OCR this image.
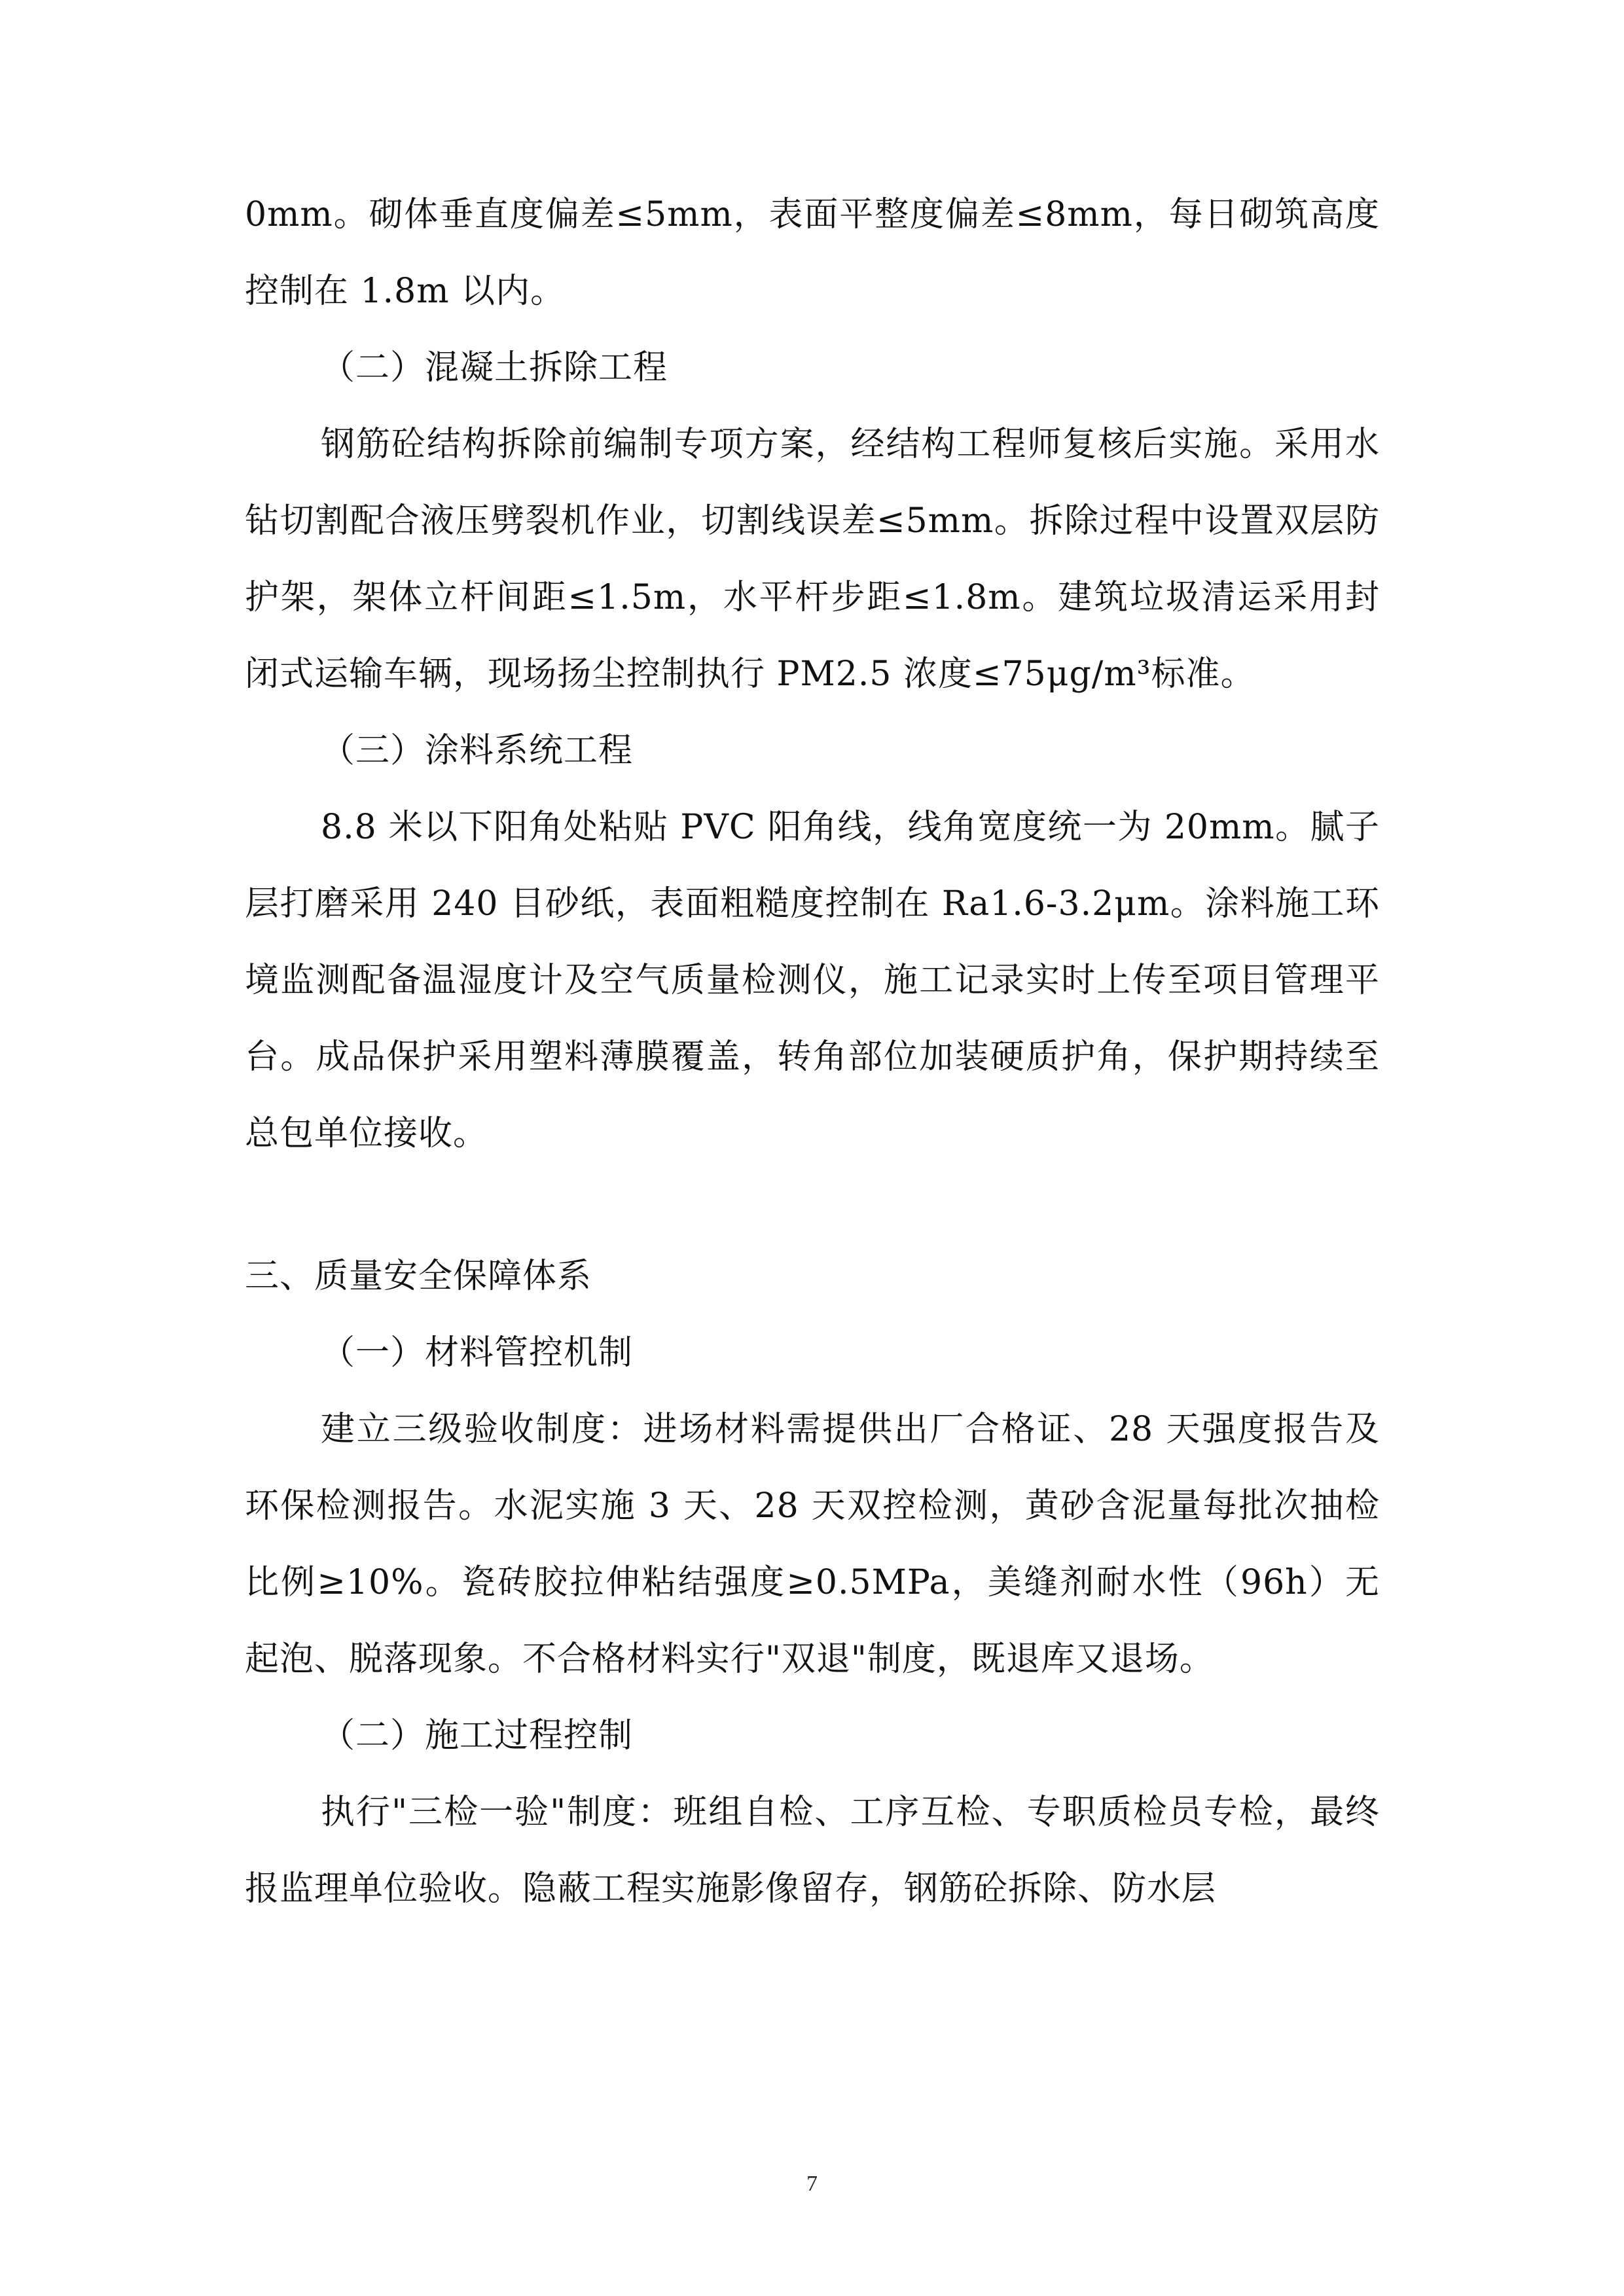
0mm。砌体垂直度偏差≤5mm，表面平整度偏差≤8mm，每日砌筑高度控制在 1.8m 以内。

（二）混凝土拆除工程

钢筋砼结构拆除前编制专项方案，经结构工程师复核后实施。采用水钻切割配合液压劈裂机作业，切割线误差≤5mm。拆除过程中设置双层防护架，架体立杆间距≤1.5m，水平杆步距≤1.8m。建筑垃圾清运采用封闭式运输车辆，现场扬尘控制执行 PM2.5 浓度≤75μg/m³标准。

（三）涂料系统工程

8.8 米以下阳角处粘贴 PVC 阳角线，线角宽度统一为 20mm。腻子层打磨采用 240 目砂纸，表面粗糙度控制在 Ra1.6-3.2μm。涂料施工环境监测配备温湿度计及空气质量检测仪，施工记录实时上传至项目管理平台。成品保护采用塑料薄膜覆盖，转角部位加装硬质护角，保护期持续至总包单位接收。

三、质量安全保障体系

（一）材料管控机制

建立三级验收制度：进场材料需提供出厂合格证、28 天强度报告及环保检测报告。水泥实施 3 天、28 天双控检测，黄砂含泥量每批次抽检比例≥10%。瓷砖胶拉伸粘结强度≥0.5MPa，美缝剂耐水性（96h）无起泡、脱落现象。不合格材料实行"双退"制度，既退库又退场。

（二）施工过程控制

执行"三检一验"制度：班组自检、工序互检、专职质检员专检，最终报监理单位验收。隐蔽工程实施影像留存，钢筋砼拆除、防水层

7
